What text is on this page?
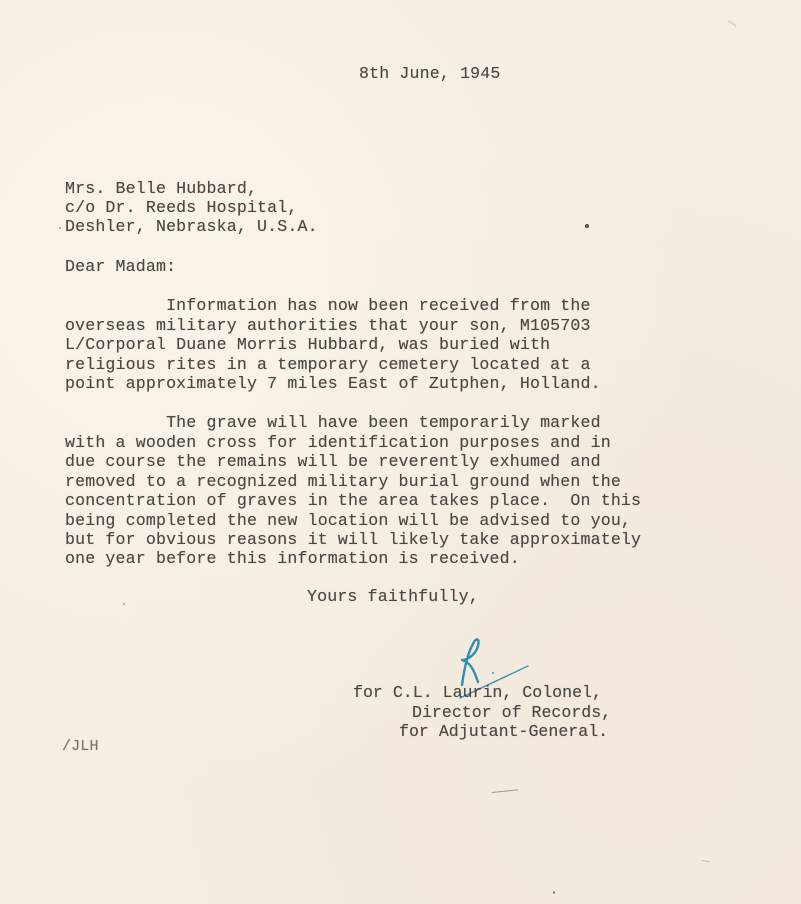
8th June, 1945
Mrs. Belle Hubbard,
c/o Dr. Reeds Hospital,
Deshler, Nebraska, U.S.A.
Dear Madam:
Information has now been received from the
overseas military authorities that your son, M105703
L/Corporal Duane Morris Hubbard, was buried with
religious rites in a temporary cemetery located at a
point approximately 7 miles East of Zutphen, Holland.
The grave will have been temporarily marked
with a wooden cross for identification purposes and in
due course the remains will be reverently exhumed and
removed to a recognized military burial ground when the
concentration of graves in the area takes place.  On this
being completed the new location will be advised to you,
but for obvious reasons it will likely take approximately
one year before this information is received.
Yours faithfully,
for C.L. Laurin, Colonel,
Director of Records,
for Adjutant-General.
/JLH
